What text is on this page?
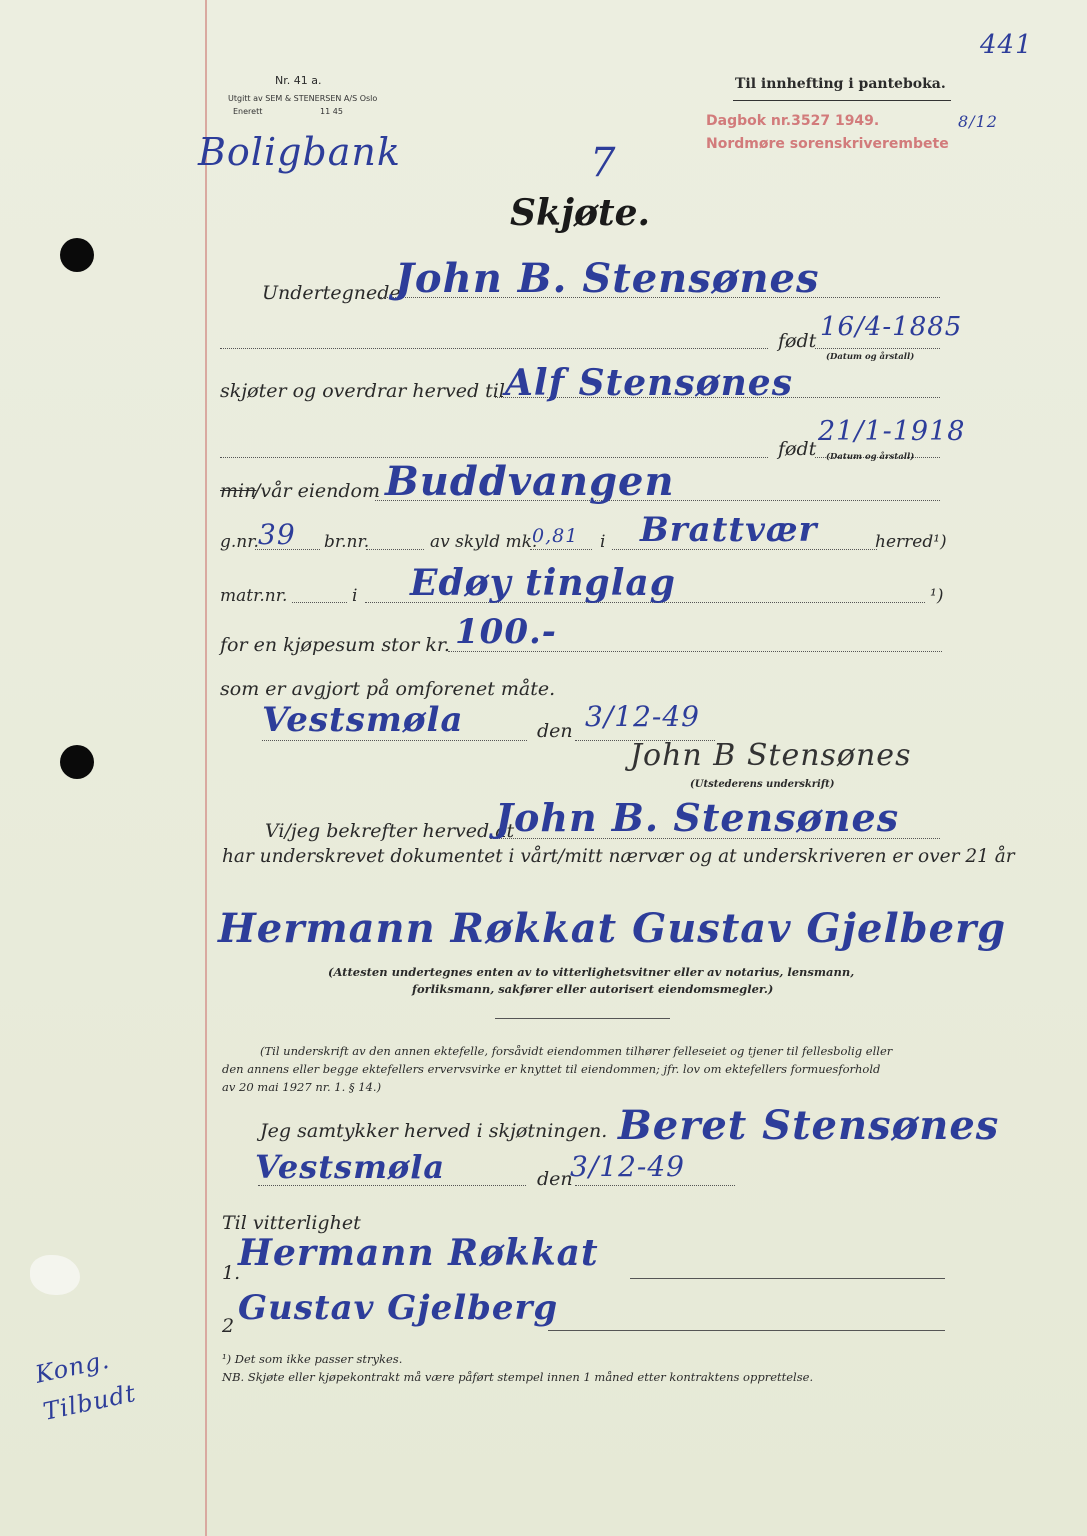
441
Nr. 41 a.
Utgitt av SEM & STENERSEN A/S Oslo
Enerett	11 45
Til innhefting i panteboka.
Dagbok nr.3527 1949.	8/12
Nordmøre sorenskriverembete
Boligbank	7
Skjøte.
Undertegnede
John B. Stensønes
født 16/4-1885
(Datum og årstall)
skjøter og overdrar herved til Alf Stensønes
født
21/1-1918
(Datum og årstall)
min
/vår eiendom Buddvangen
g.nr. 39 br.nr.	av skyld mk.
0,81 i Brattvær	herred¹)
matr.nr.	i Edøy tinglag	¹)
for en kjøpesum stor kr. 100.-
som er avgjort på omforenet måte.
Vestsmøla	den 3/12-49
John B Stensønes
(Utstederens underskrift)
Vi/jeg bekrefter herved at
John B. Stensønes
har underskrevet dokumentet i vårt/mitt nærvær og at underskriveren er over 21 år
Hermann Røkkat Gustav Gjelberg
(Attesten undertegnes enten av to vitterlighetsvitner eller av notarius, lensmann,
forliksmann, sakfører eller autorisert eiendomsmegler.)
(Til underskrift av den annen ektefelle, forsåvidt eiendommen tilhører felleseiet og tjener til fellesbolig eller
den annens eller begge ektefellers ervervsvirke er knyttet til eiendommen; jfr. lov om ektefellers formuesforhold
av 20 mai 1927 nr. 1. § 14.)
Jeg samtykker herved i skjøtningen. Beret Stensønes
Vestsmøla	den
3/12-49
Til vitterlighet
1.
Hermann Røkkat
2 Gustav Gjelberg
¹) Det som ikke passer strykes.
NB. Skjøte eller kjøpekontrakt må være påført stempel innen 1 måned etter kontraktens opprettelse.
Kong. Tilbudt
